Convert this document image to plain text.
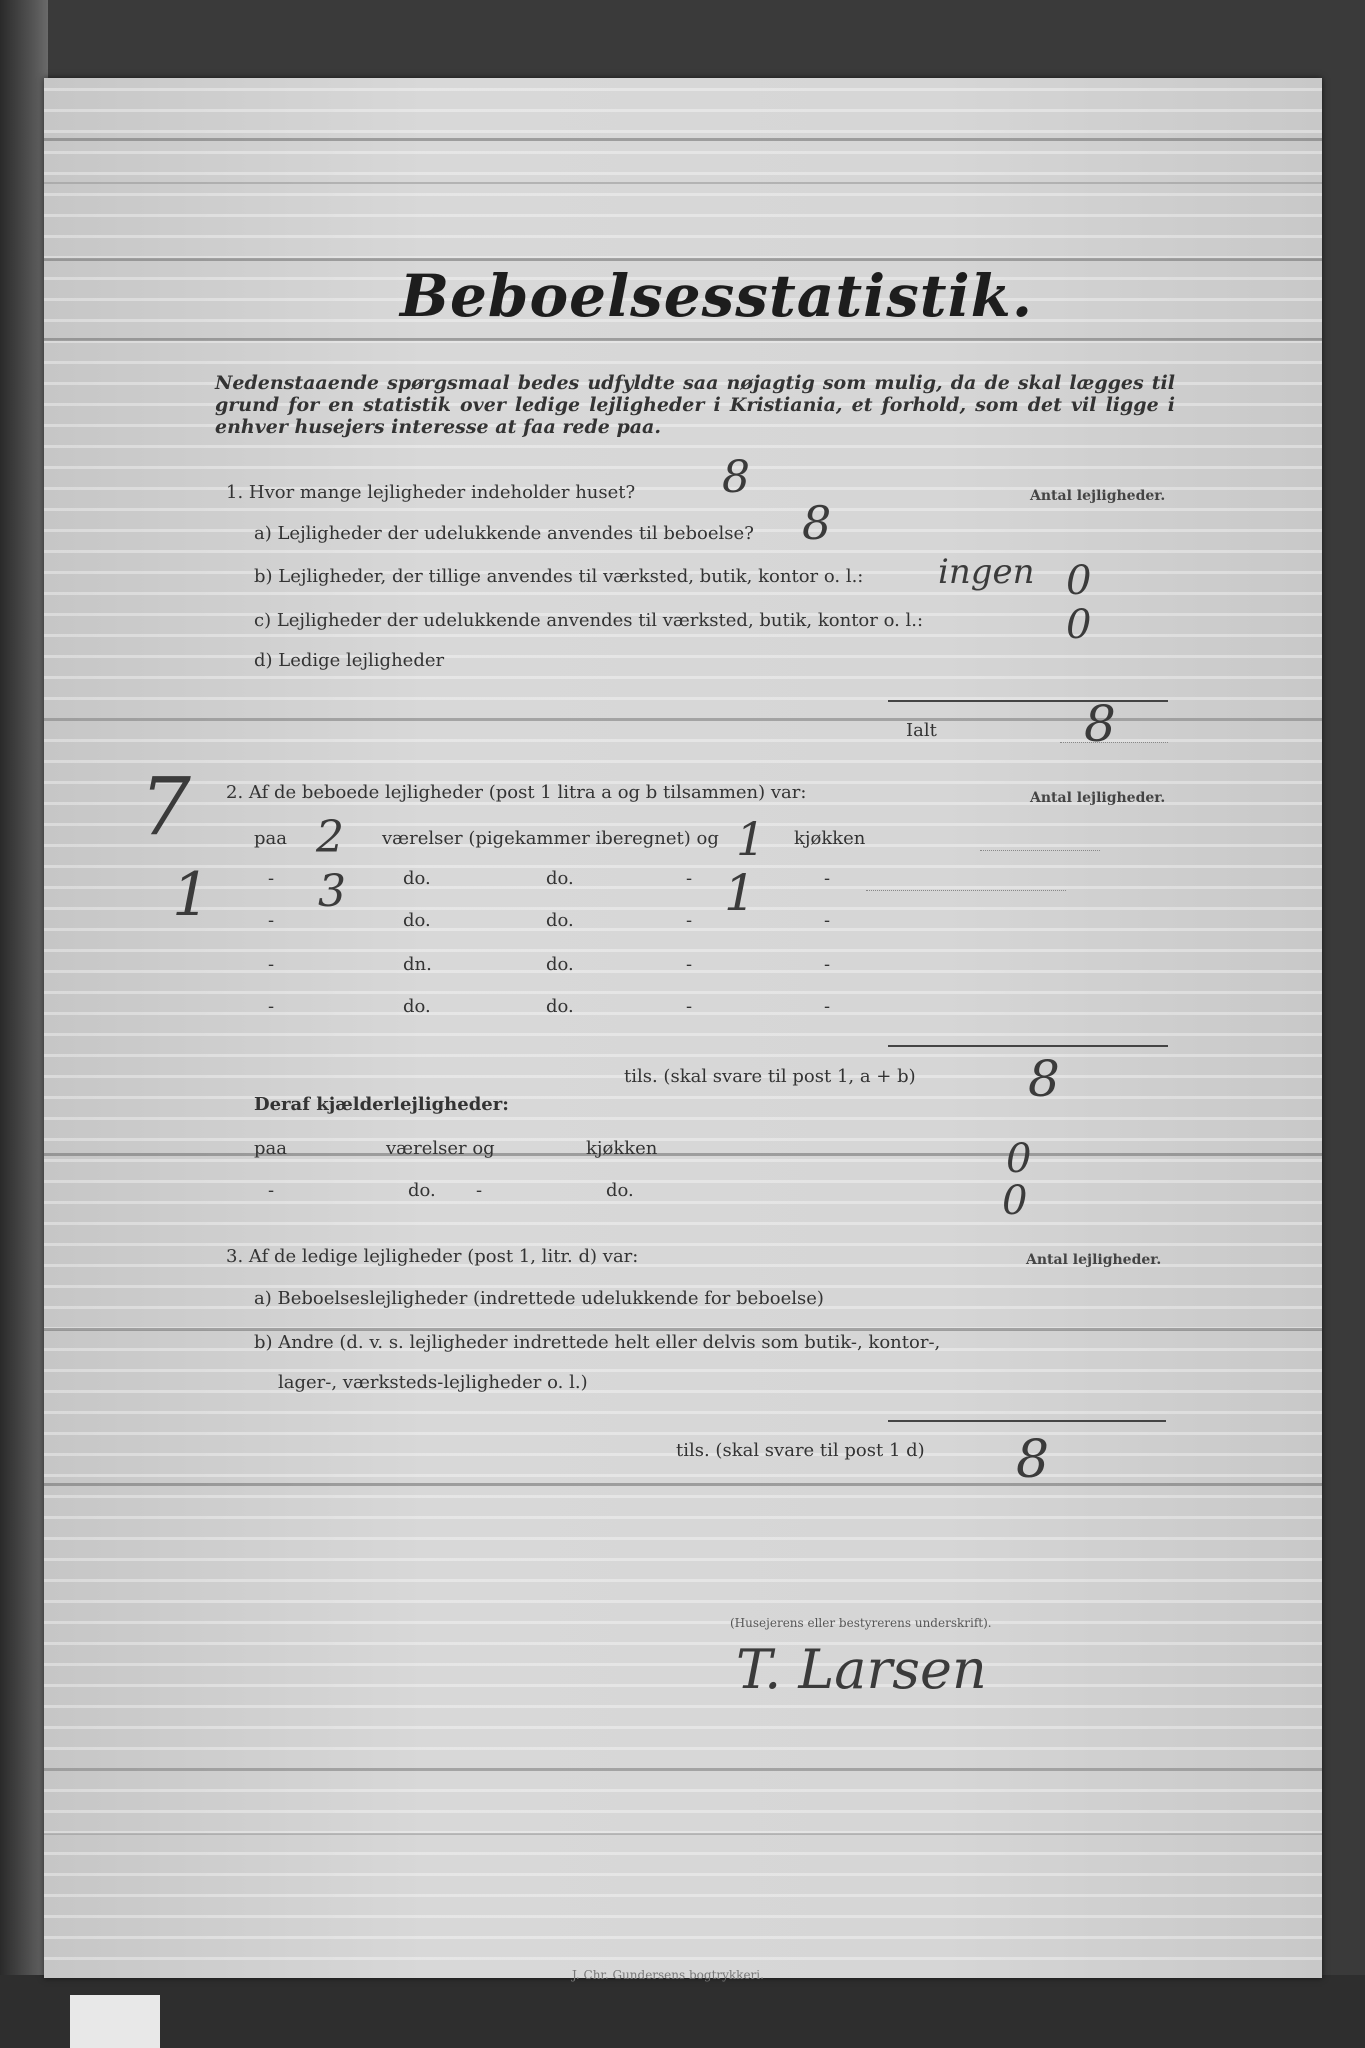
Beboelsesstatistik.
Nedenstaaende spørgsmaal bedes udfyldte saa nøjagtig som mulig, da de skal lægges til grund for en statistik over ledige lejligheder i Kristiania, et forhold, som det vil ligge i enhver husejers interesse at faa rede paa.
1. Hvor mange lejligheder indeholder huset? 8	Antal lejligheder.
a) Lejligheder der udelukkende anvendes til beboelse? 8
b) Lejligheder, der tillige anvendes til værksted, butik, kontor o. l.: ingen 0
c) Lejligheder der udelukkende anvendes til værksted, butik, kontor o. l.:	0
d) Ledige lejligheder
Ialt	8
2. Af de beboede lejligheder (post 1 litra a og b tilsammen) var:	Antal lejligheder.
7	paa 2 værelser (pigekammer iberegnet) og 1 kjøkken
1	- 3	do.	do.	- 1	-
-	do.	do.	-	-
-	dn.	do.	-	-
-	do.	do.	-	-
tils. (skal svare til post 1, a + b) 8
Deraf kjælderlejligheder:
paa	værelser og	kjøkken	0
-	do. -	do.	0
3. Af de ledige lejligheder (post 1, litr. d) var:	Antal lejligheder.
a) Beboelseslejligheder (indrettede udelukkende for beboelse)
b) Andre (d. v. s. lejligheder indrettede helt eller delvis som butik-, kontor-,
lager-, værksteds-lejligheder o. l.)
tils. (skal svare til post 1 d) 8
(Husejerens eller bestyrerens underskrift).
T. Larsen
J. Chr. Gundersens bogtrykkeri.
